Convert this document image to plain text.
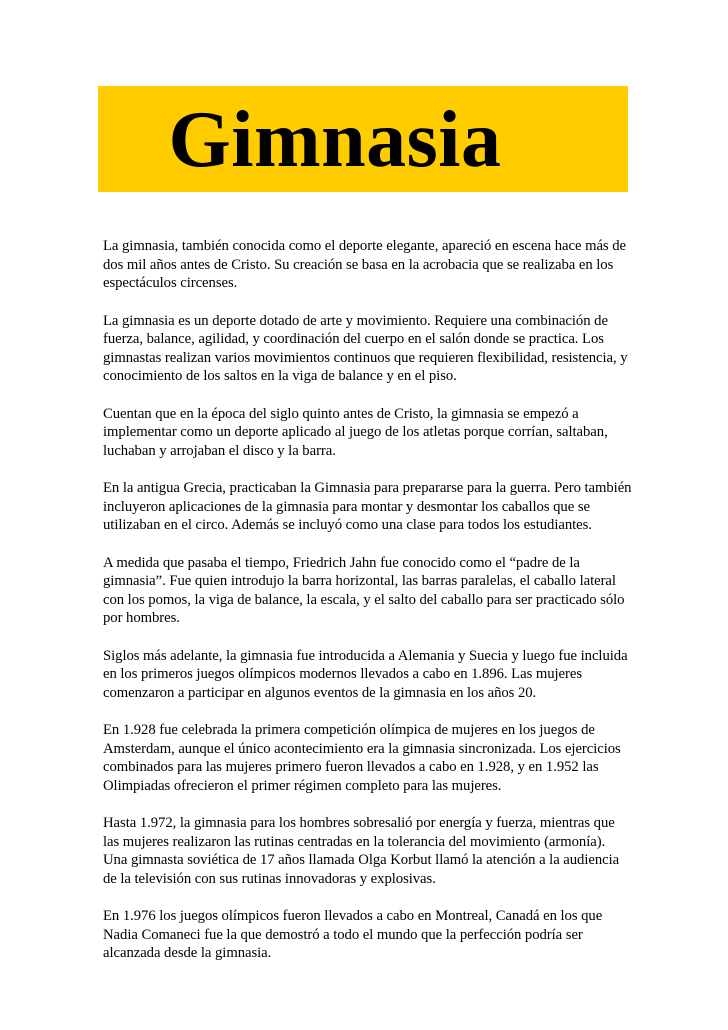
Gimnasia

La gimnasia, también conocida como el deporte elegante, apareció en escena hace más de dos mil años antes de Cristo. Su creación se basa en la acrobacia que se realizaba en los espectáculos circenses.

La gimnasia es un deporte dotado de arte y movimiento. Requiere una combinación de fuerza, balance, agilidad, y coordinación del cuerpo en el salón donde se practica. Los gimnastas realizan varios movimientos continuos que requieren flexibilidad, resistencia, y conocimiento de los saltos en la viga de balance y en el piso.

Cuentan que en la época del siglo quinto antes de Cristo, la gimnasia se empezó a implementar como un deporte aplicado al juego de los atletas porque corrían, saltaban, luchaban y arrojaban el disco y la barra.

En la antigua Grecia, practicaban la Gimnasia para prepararse para la guerra. Pero también incluyeron aplicaciones de la gimnasia para montar y desmontar los caballos que se utilizaban en el circo. Además se incluyó como una clase para todos los estudiantes.

A medida que pasaba el tiempo, Friedrich Jahn fue conocido como el “padre de la gimnasia”. Fue quien introdujo la barra horizontal, las barras paralelas, el caballo lateral con los pomos, la viga de balance, la escala, y el salto del caballo para ser practicado sólo por hombres.

Siglos más adelante, la gimnasia fue introducida a Alemania y Suecia y luego fue incluida en los primeros juegos olímpicos modernos llevados a cabo en 1.896. Las mujeres comenzaron a participar en algunos eventos de la gimnasia en los años 20.

En 1.928 fue celebrada la primera competición olímpica de mujeres en los juegos de Amsterdam, aunque el único acontecimiento era la gimnasia sincronizada. Los ejercicios combinados para las mujeres primero fueron llevados a cabo en 1.928, y en 1.952 las Olimpiadas ofrecieron el primer régimen completo para las mujeres.

Hasta 1.972, la gimnasia para los hombres sobresalió por energía y fuerza, mientras que las mujeres realizaron las rutinas centradas en la tolerancia del movimiento (armonía). Una gimnasta soviética de 17 años llamada Olga Korbut llamó la atención a la audiencia de la televisión con sus rutinas innovadoras y explosivas.

En 1.976 los juegos olímpicos fueron llevados a cabo en Montreal, Canadá en los que Nadia Comaneci fue la que demostró a todo el mundo que la perfección podría ser alcanzada desde la gimnasia.
